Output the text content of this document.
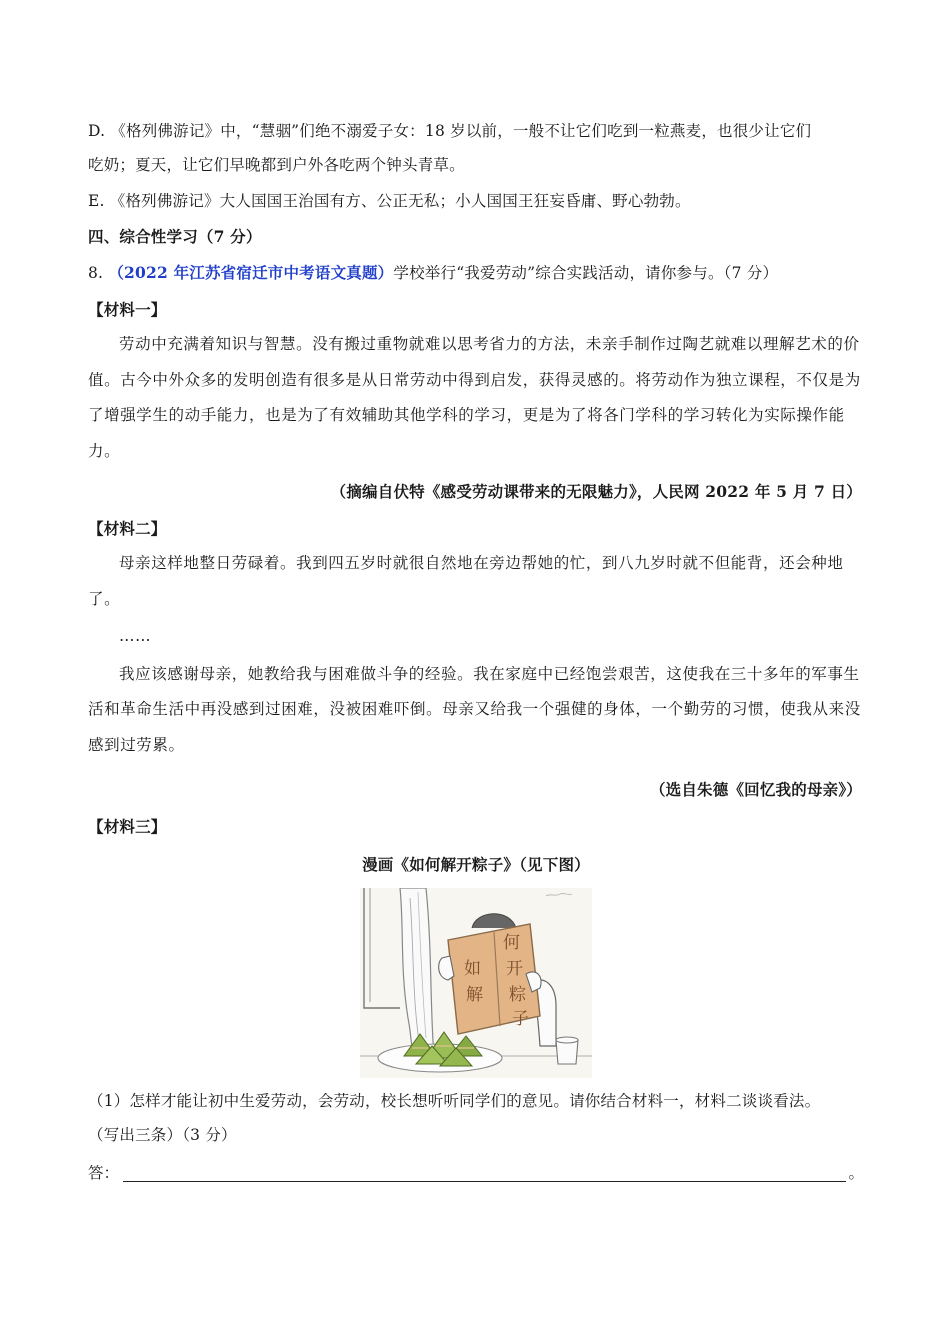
D. 《格列佛游记》中，“慧骃”们绝不溺爱子女：18 岁以前，一般不让它们吃到一粒燕麦，也很少让它们

吃奶；夏天，让它们早晚都到户外各吃两个钟头青草。

E. 《格列佛游记》大人国国王治国有方、公正无私；小人国国王狂妄昏庸、野心勃勃。

四、综合性学习（7 分）

8. （2022 年江苏省宿迁市中考语文真题）学校举行“我爱劳动”综合实践活动，请你参与。（7 分）

【材料一】

劳动中充满着知识与智慧。没有搬过重物就难以思考省力的方法，未亲手制作过陶艺就难以理解艺术的价值。古今中外众多的发明创造有很多是从日常劳动中得到启发，获得灵感的。将劳动作为独立课程，不仅是为了增强学生的动手能力，也是为了有效辅助其他学科的学习，更是为了将各门学科的学习转化为实际操作能力。

（摘编自伏特《感受劳动课带来的无限魅力》，人民网 2022 年 5 月 7 日）

【材料二】

母亲这样地整日劳碌着。我到四五岁时就很自然地在旁边帮她的忙，到八九岁时就不但能背，还会种地了。

……

我应该感谢母亲，她教给我与困难做斗争的经验。我在家庭中已经饱尝艰苦，这使我在三十多年的军事生活和革命生活中再没感到过困难，没被困难吓倒。母亲又给我一个强健的身体，一个勤劳的习惯，使我从来没感到过劳累。

（选自朱德《回忆我的母亲》）

【材料三】

漫画《如何解开粽子》（见下图）

如
何
解
开
粽
子

（1）怎样才能让初中生爱劳动，会劳动，校长想听听同学们的意见。请你结合材料一，材料二谈谈看法。

（写出三条）（3 分）

答：	。
